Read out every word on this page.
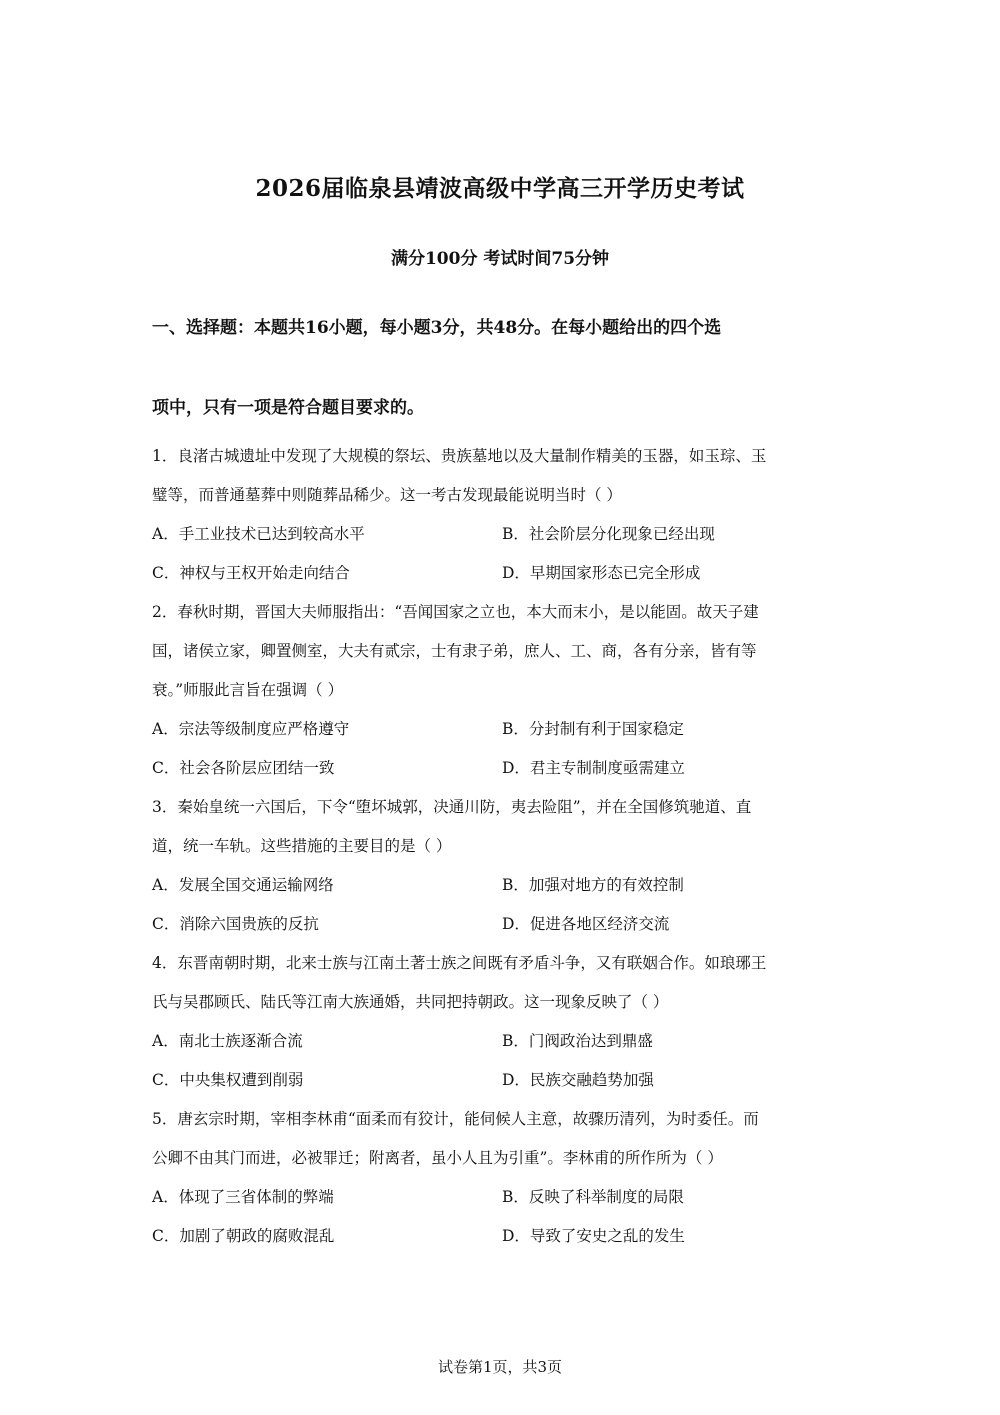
2026届临泉县靖波高级中学高三开学历史考试
满分100分 考试时间75分钟
一、选择题：本题共16小题，每小题3分，共48分。在每小题给出的四个选
项中，只有一项是符合题目要求的。
1．良渚古城遗址中发现了大规模的祭坛、贵族墓地以及大量制作精美的玉器，如玉琮、玉
璧等，而普通墓葬中则随葬品稀少。这一考古发现最能说明当时（ ）
A．手工业技术已达到较高水平	B．社会阶层分化现象已经出现
C．神权与王权开始走向结合	D．早期国家形态已完全形成
2．春秋时期，晋国大夫师服指出：“吾闻国家之立也，本大而末小，是以能固。故天子建
国，诸侯立家，卿置侧室，大夫有贰宗，士有隶子弟，庶人、工、商，各有分亲，皆有等
衰。”师服此言旨在强调（ ）
A．宗法等级制度应严格遵守	B．分封制有利于国家稳定
C．社会各阶层应团结一致	D．君主专制制度亟需建立
3．秦始皇统一六国后，下令“堕坏城郭，决通川防，夷去险阻”，并在全国修筑驰道、直
道，统一车轨。这些措施的主要目的是（ ）
A．发展全国交通运输网络	B．加强对地方的有效控制
C．消除六国贵族的反抗	D．促进各地区经济交流
4．东晋南朝时期，北来士族与江南土著士族之间既有矛盾斗争，又有联姻合作。如琅琊王
氏与吴郡顾氏、陆氏等江南大族通婚，共同把持朝政。这一现象反映了（ ）
A．南北士族逐渐合流	B．门阀政治达到鼎盛
C．中央集权遭到削弱	D．民族交融趋势加强
5．唐玄宗时期，宰相李林甫“面柔而有狡计，能伺候人主意，故骤历清列，为时委任。而
公卿不由其门而进，必被罪迁；附离者，虽小人且为引重”。李林甫的所作所为（ ）
A．体现了三省体制的弊端	B．反映了科举制度的局限
C．加剧了朝政的腐败混乱	D．导致了安史之乱的发生
试卷第1页，共3页
